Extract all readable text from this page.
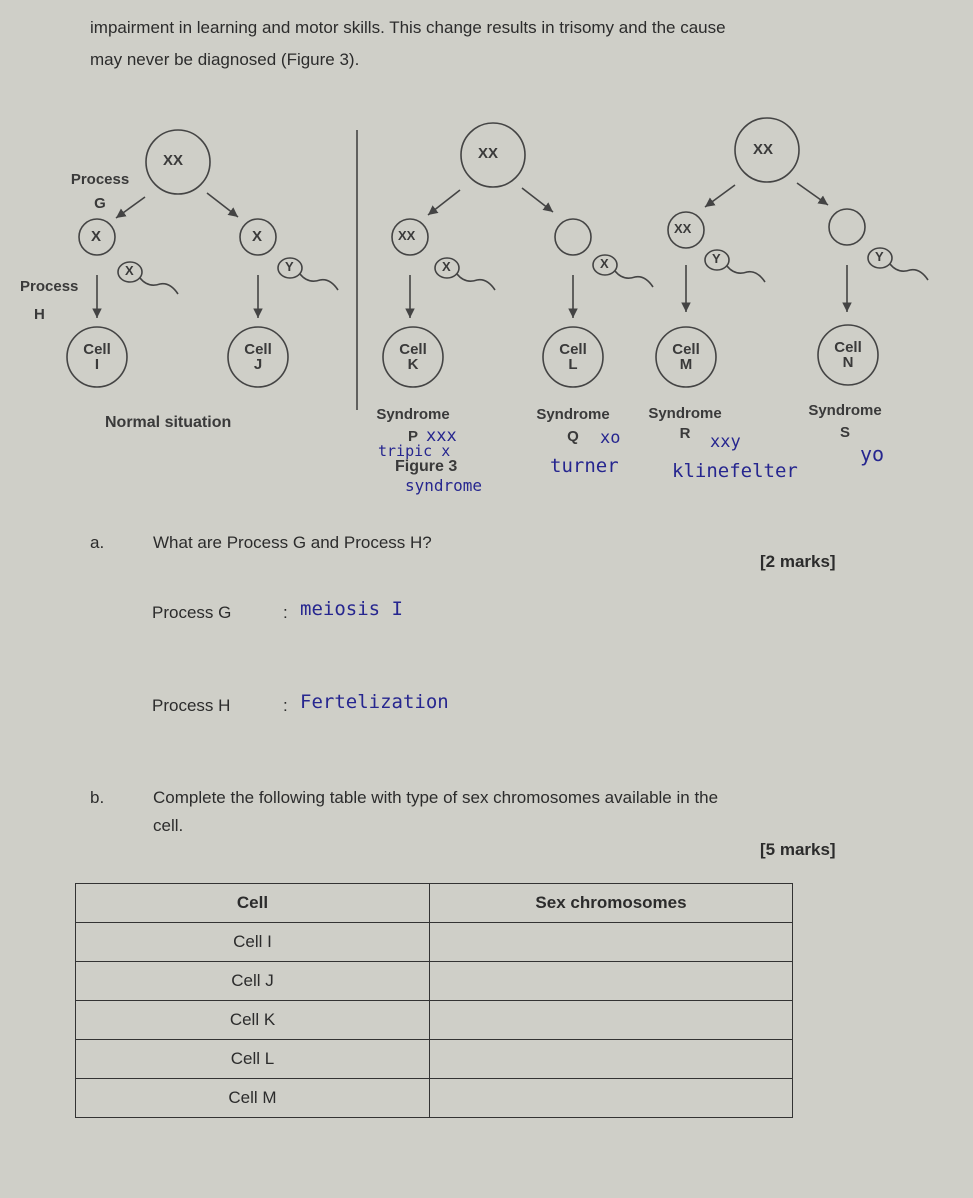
impairment in learning and motor skills. This change results in trisomy and the cause
may never be diagnosed (Figure 3).
XX
X	X
X	Y
XX
XX
X	X
XX
XX
Y	Y
Process
G
Process
H
Cell
I
Cell
J
Cell
K
Cell
L
Cell
M
Cell
N
Normal situation	Syndrome
P
Syndrome
Q
Syndrome
R
Syndrome
S
Figure 3
xxx
tripic x
syndrome
xo
turner
xxy
klinefelter
yo
a.	What are Process G and Process H?
[2 marks]
Process G	: meiosis I
Process H	: Fertelization
b.	Complete the following table with type of sex chromosomes available in the
cell.
[5 marks]
Cell	Sex chromosomes
Cell I	
Cell J	
Cell K	
Cell L	
Cell M	
